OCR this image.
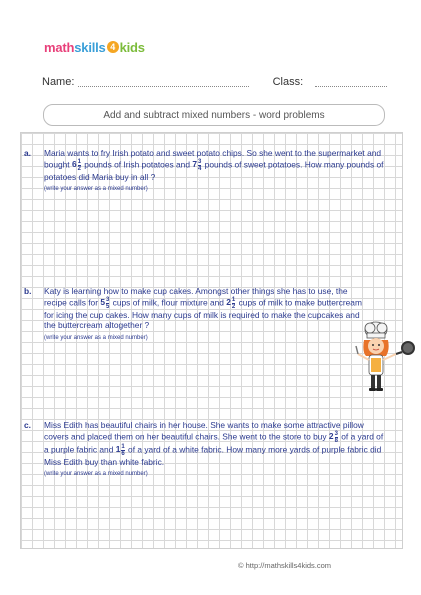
math skills 4 kids
Name:	Class:
Add and subtract mixed numbers - word problems
a. Maria wants to fry Irish potato and sweet potato chips. So she went to the supermarket and bought $6 \frac{1}{2}$ pounds of Irish potatoes and $7 \frac{3}{4}$ pounds of sweet potatoes. How many pounds of potatoes did Maria buy in all ?
(write your answer as a mixed number)
b. Katy is learning how to make cup cakes. Amongst other things she has to use, the recipe calls for $5 \frac{3}{5}$ cups of milk, flour mixture and $2 \frac{1}{2}$ cups of milk to make buttercream for icing the cup cakes. How many cups of milk is required to make the cupcakes and the buttercream altogether ?
(write your answer as a mixed number)
c. Miss Edith has beautiful chairs in her house. She wants to make some attractive pillow covers and placed them on her beautiful chairs. She went to the store to buy $2 \frac{3}{8}$ of a yard of a purple fabric and $1 \frac{1}{6}$ of a yard of a white fabric. How many more yards of purple fabric did Miss Edith buy than white fabric.
(write your answer as a mixed number)
© http://mathskills4kids.com
